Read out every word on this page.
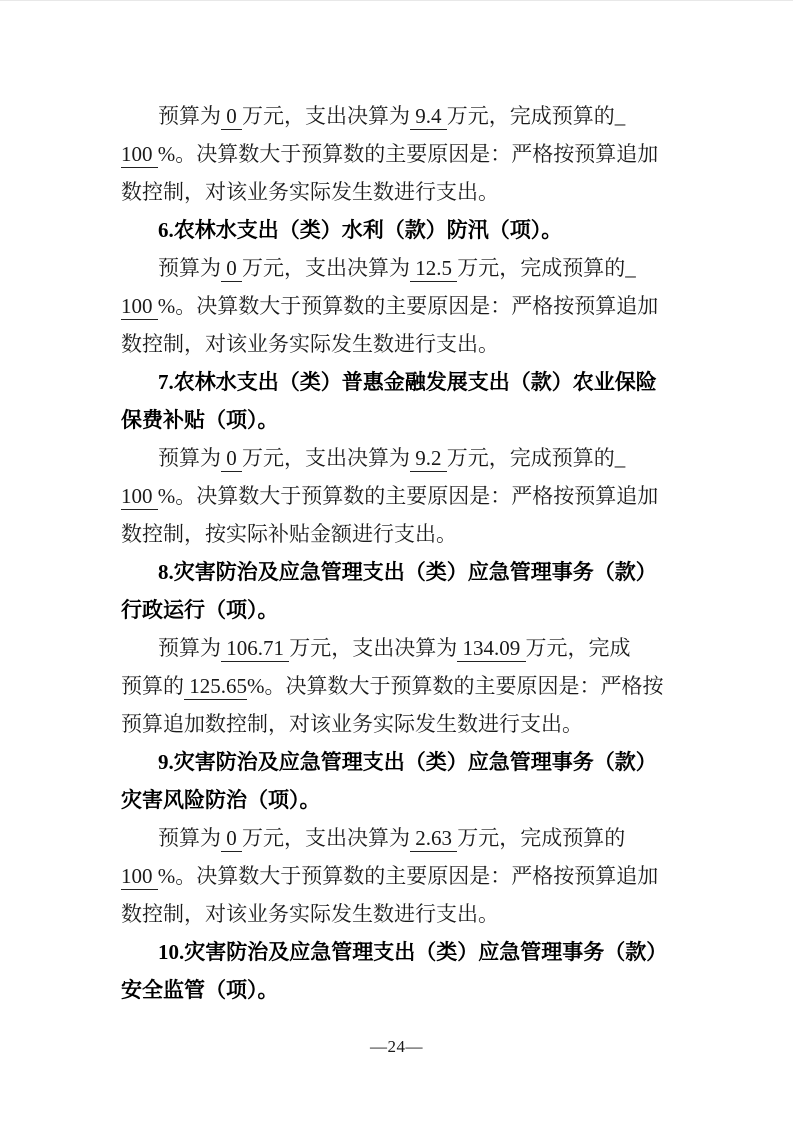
预算为 0 万元，支出决算为 9.4 万元，完成预算的_
100 %。决算数大于预算数的主要原因是：严格按预算追加
数控制，对该业务实际发生数进行支出。
6.农林水支出（类）水利（款）防汛（项）。
预算为 0 万元，支出决算为 12.5 万元，完成预算的_
100 %。决算数大于预算数的主要原因是：严格按预算追加
数控制，对该业务实际发生数进行支出。
7.农林水支出（类）普惠金融发展支出（款）农业保险
保费补贴（项）。
预算为 0 万元，支出决算为 9.2 万元，完成预算的_
100 %。决算数大于预算数的主要原因是：严格按预算追加
数控制，按实际补贴金额进行支出。
8.灾害防治及应急管理支出（类）应急管理事务（款）
行政运行（项）。
预算为 106.71 万元，支出决算为 134.09 万元，完成
预算的 125.65%。决算数大于预算数的主要原因是：严格按
预算追加数控制，对该业务实际发生数进行支出。
9.灾害防治及应急管理支出（类）应急管理事务（款）
灾害风险防治（项）。
预算为 0 万元，支出决算为 2.63 万元，完成预算的
100 %。决算数大于预算数的主要原因是：严格按预算追加
数控制，对该业务实际发生数进行支出。
10.灾害防治及应急管理支出（类）应急管理事务（款）
安全监管（项）。
—24—
